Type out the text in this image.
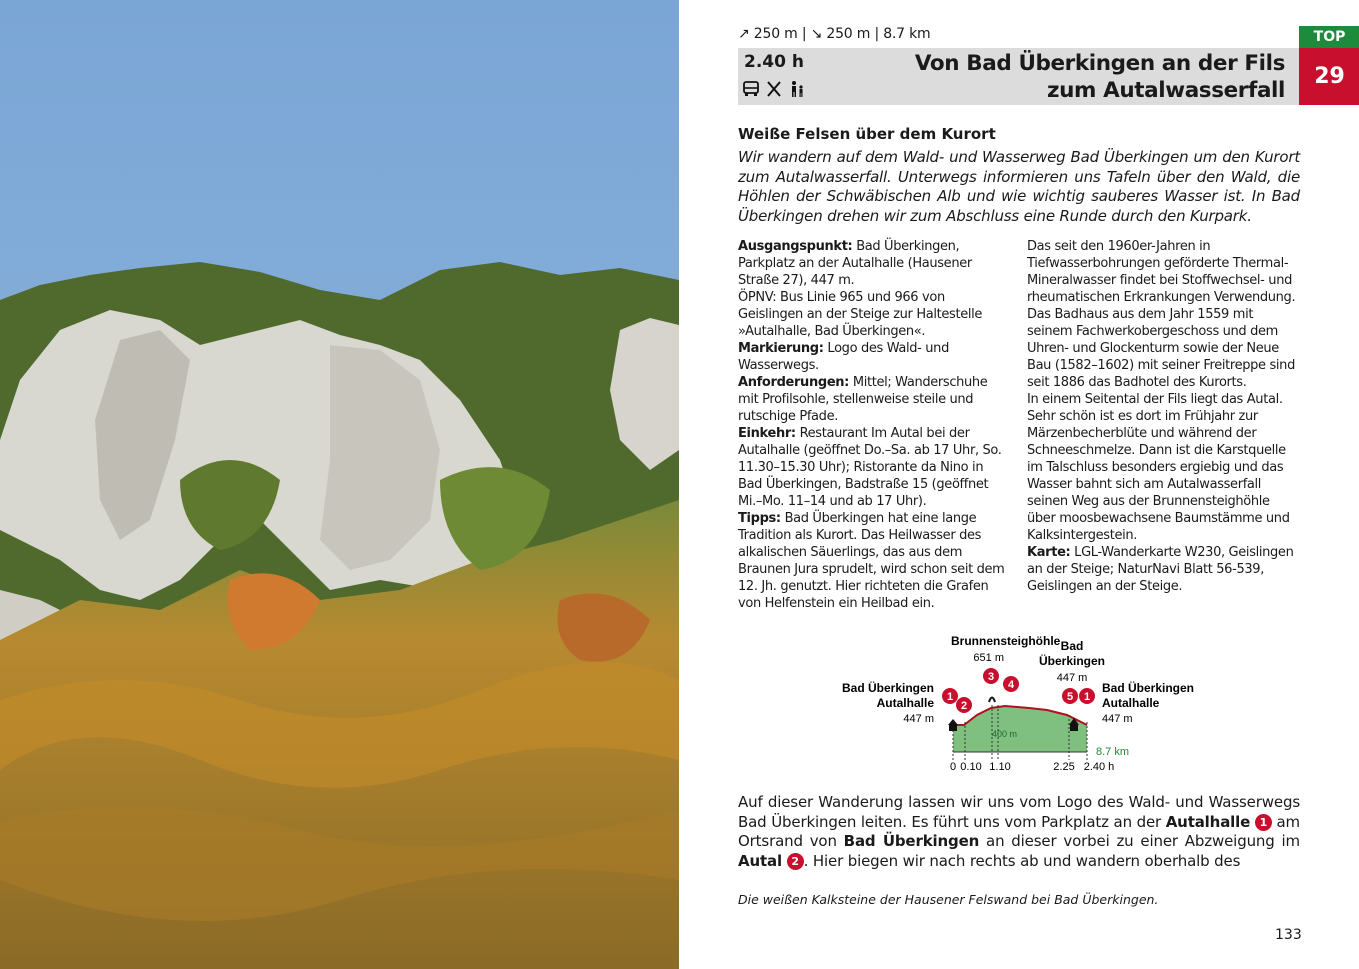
↗ 250 m | ↘ 250 m | 8.7 km
2.40 h	Von Bad Überkingen an der Fils
zum Autalwasserfall
TOP
29
Weiße Felsen über dem Kurort
Wir wandern auf dem Wald- und Wasserweg Bad Überkingen um den Kurort zum Autalwasserfall. Unterwegs informieren uns Tafeln über den Wald, die Höhlen der Schwäbischen Alb und wie wichtig sauberes Wasser ist. In Bad Überkingen drehen wir zum Abschluss eine Runde durch den Kurpark.

Ausgangspunkt: Bad Überkingen, Parkplatz an der Autalhalle (Hausener Straße 27), 447 m.

ÖPNV: Bus Linie 965 und 966 von Geislingen an der Steige zur Haltestelle »Autalhalle, Bad Überkingen«.

Markierung: Logo des Wald- und Wasserwegs.

Anforderungen: Mittel; Wanderschuhe mit Profilsohle, stellenweise steile und rutschige Pfade.

Einkehr: Restaurant Im Autal bei der Autalhalle (geöffnet Do.–Sa. ab 17 Uhr, So. 11.30–15.30 Uhr); Ristorante da Nino in Bad Überkingen, Badstraße 15 (geöffnet Mi.–Mo. 11–14 und ab 17 Uhr).

Tipps: Bad Überkingen hat eine lange Tradition als Kurort. Das Heilwasser des alkalischen Säuerlings, das aus dem Braunen Jura sprudelt, wird schon seit dem 12. Jh. genutzt. Hier richteten die Grafen von Helfenstein ein Heilbad ein.

Das seit den 1960er-Jahren in Tiefwasserbohrungen geförderte Thermal-Mineralwasser findet bei Stoffwechsel- und rheumatischen Erkrankungen Verwendung. Das Badhaus aus dem Jahr 1559 mit seinem Fachwerkobergeschoss und dem Uhren- und Glockenturm sowie der Neue Bau (1582–1602) mit seiner Freitreppe sind seit 1886 das Badhotel des Kurorts.

In einem Seitental der Fils liegt das Autal. Sehr schön ist es dort im Frühjahr zur Märzenbecherblüte und während der Schneeschmelze. Dann ist die Karstquelle im Talschluss besonders ergiebig und das Wasser bahnt sich am Autalwasserfall seinen Weg aus der Brunnensteighöhle über moosbewachsene Baumstämme und Kalksintergestein.

Karte: LGL-Wanderkarte W230, Geislingen an der Steige; NaturNavi Blatt 56-539, Geislingen an der Steige.

400 m
8.7 km
Bad Überkingen
Autalhalle
447 m
Brunnensteighöhle
651 m
Bad
Überkingen
447 m
Bad Überkingen
Autalhalle
447 m
0 0.10 1.10	2.25 2.40 h
1
2
3
4
5 1
Auf dieser Wanderung lassen wir uns vom Logo des Wald- und Wasserwegs Bad Überkingen leiten. Es führt uns vom Parkplatz an der Autalhalle 1 am Ortsrand von Bad Überkingen an dieser vorbei zu einer Abzweigung im Autal 2 . Hier biegen wir nach rechts ab und wandern oberhalb des
Die weißen Kalksteine der Hausener Felswand bei Bad Überkingen.
133
